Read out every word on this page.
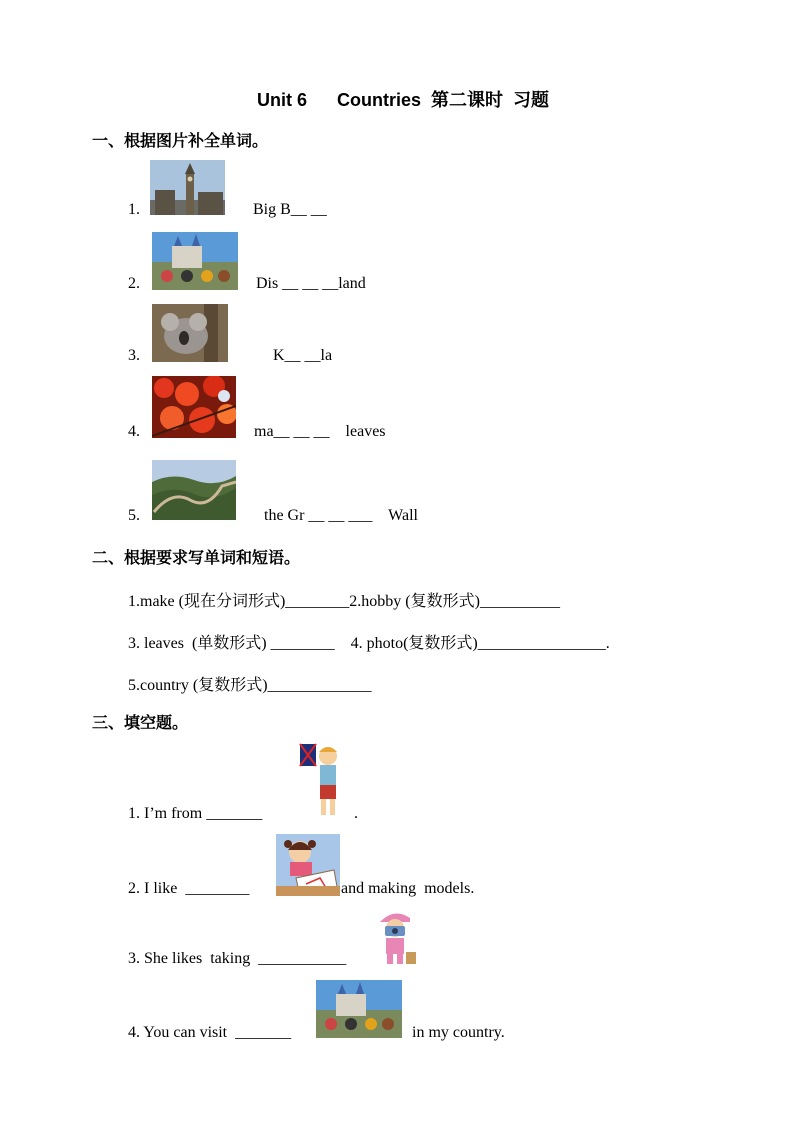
Unit 6      Countries  第二课时  习题
一、根据图片补全单词。
1.	Big B__ __
2.	Dis __ __ __land
3.	K__ __la
4.	ma__ __ __    leaves
5.	the Gr __ __ ___    Wall
二、根据要求写单词和短语。
1.make (现在分词形式)________2.hobby (复数形式)__________
3. leaves  (单数形式) ________    4. photo(复数形式)________________.
5.country (复数形式)_____________
三、填空题。
1. I’m from _______	.
2. I like  ________	and making  models.
3. She likes  taking  ___________
4. You can visit  _______	in my country.
